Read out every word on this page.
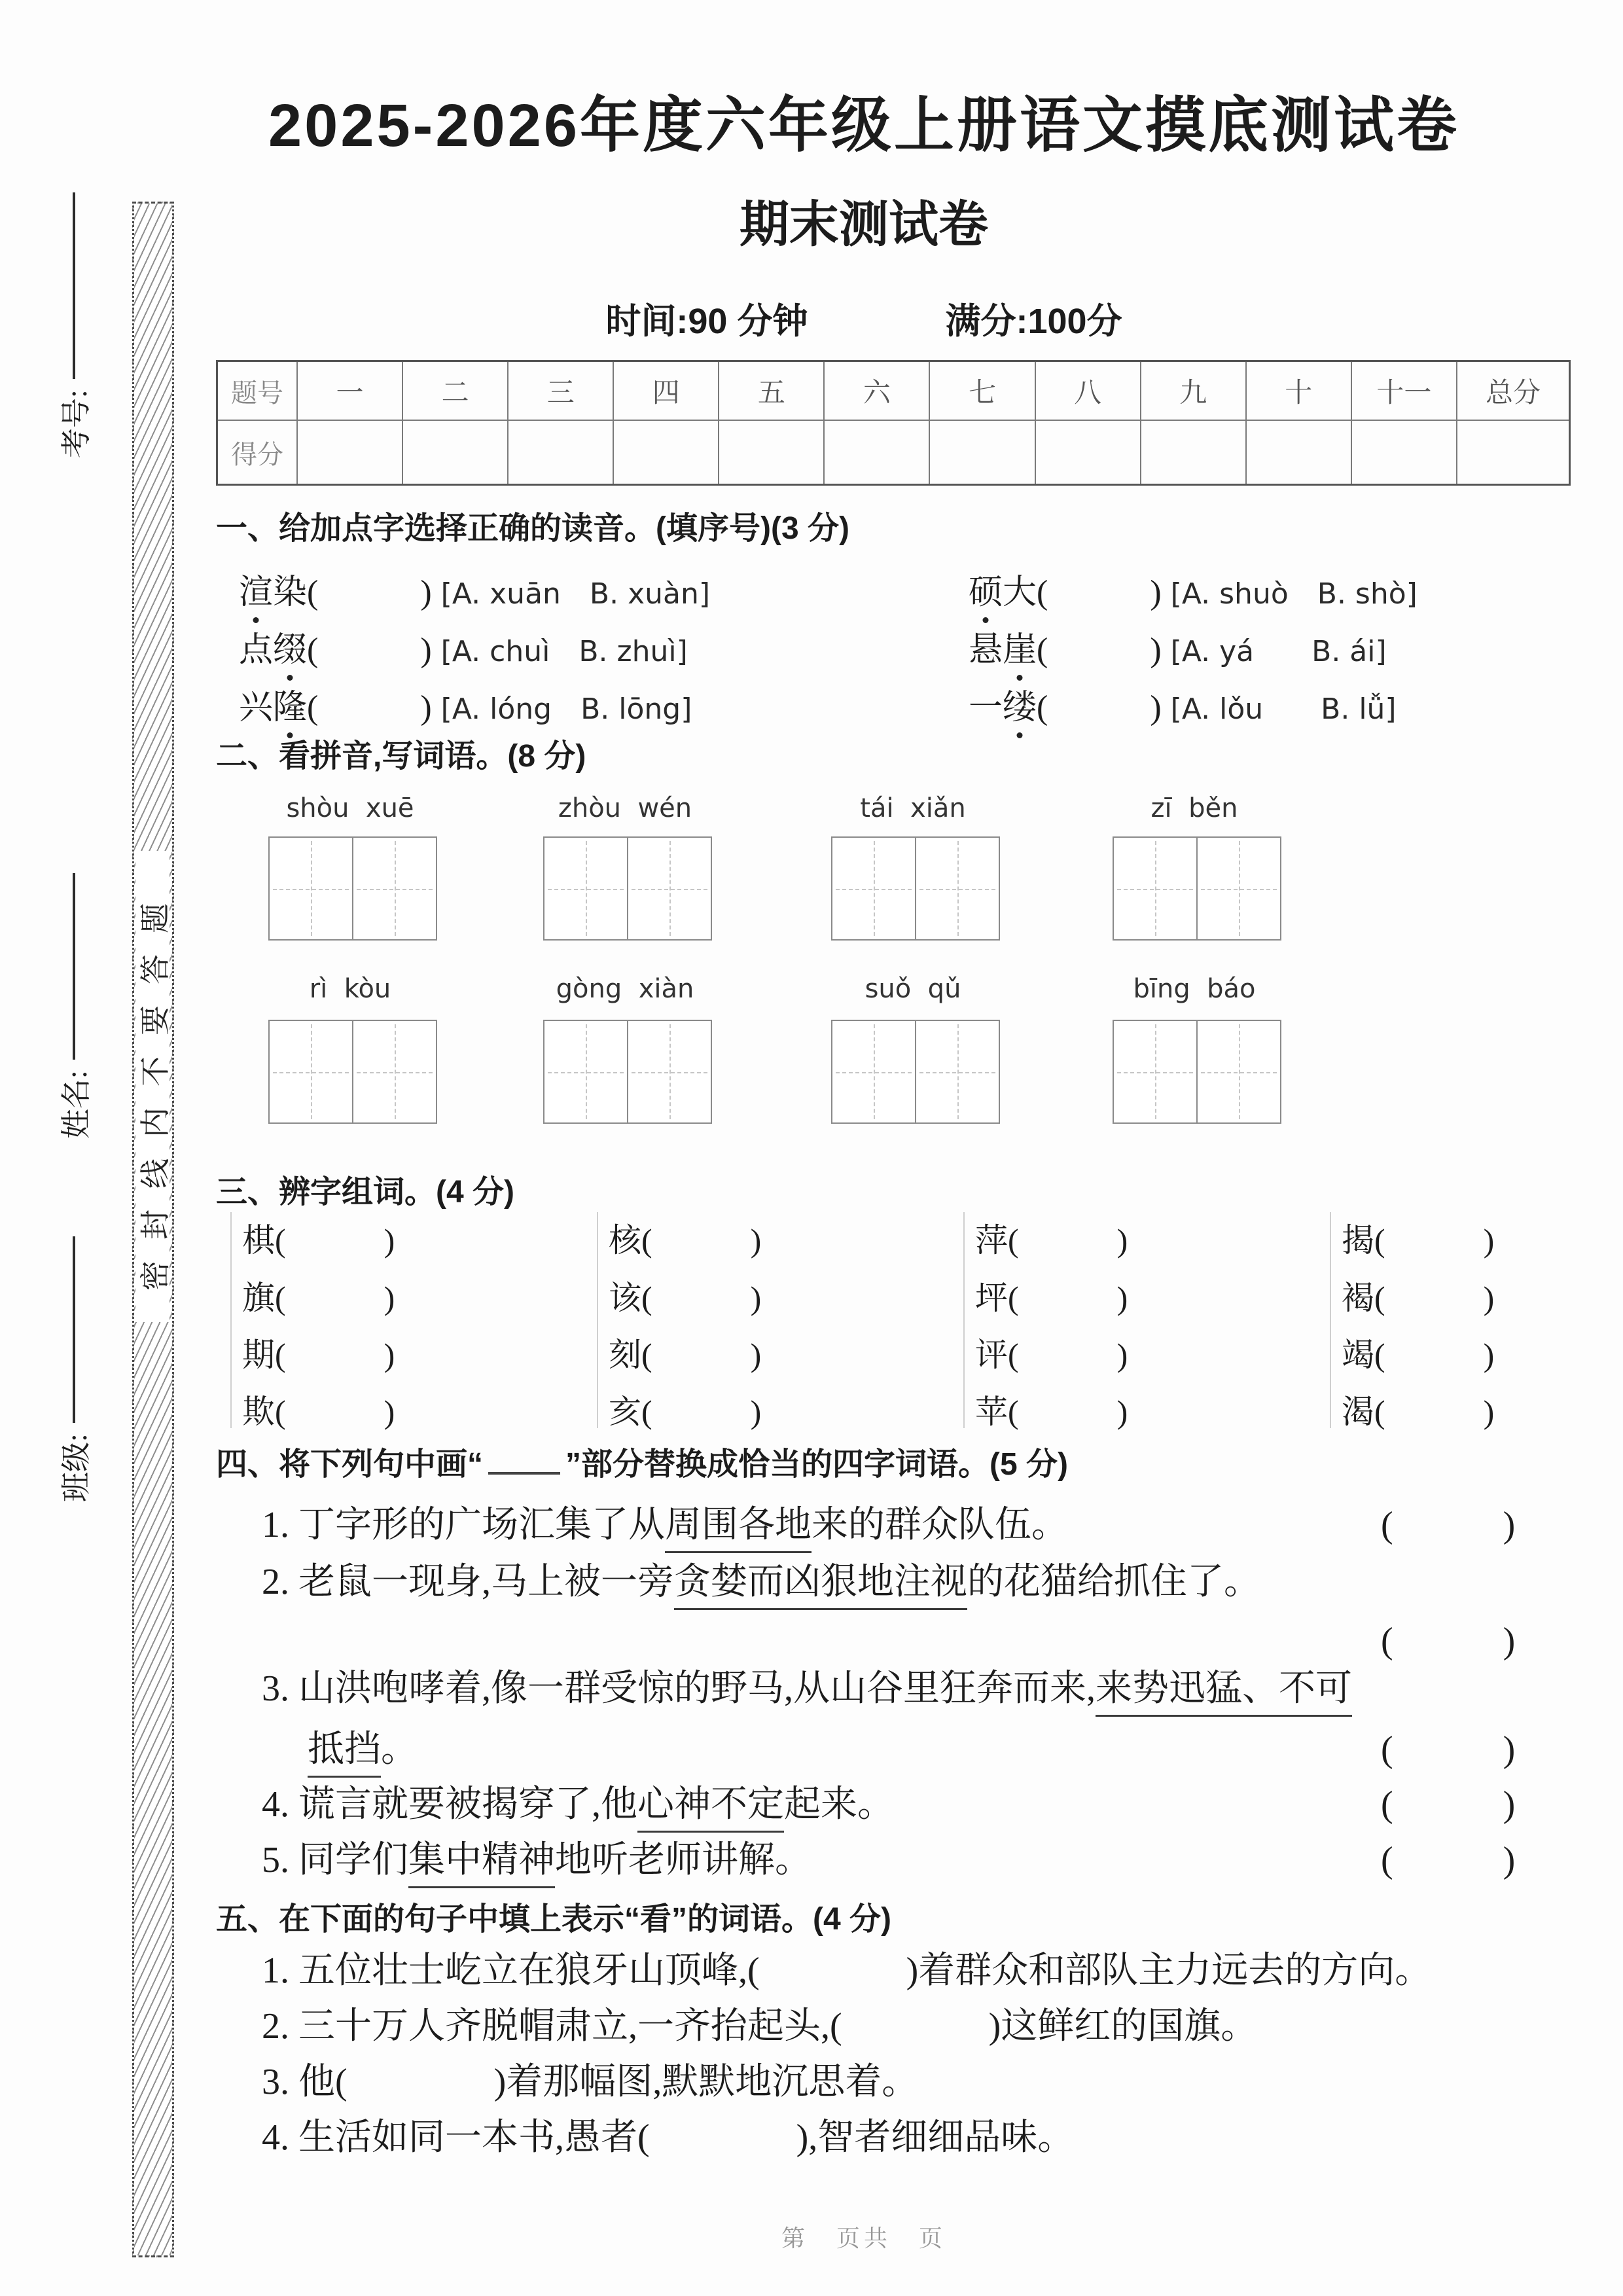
考号:
姓名:
班级:
密封线内不要答题
2025-2026年度六年级上册语文摸底测试卷
期末测试卷
时间:90 分钟	满分:100分
题号	一	二	三	四	五	六	七	八	九	十	十一	总分
得分												
一、给加点字选择正确的读音。(填序号)(3 分)
渲染(　　　) [A. xuān　B. xuàn]	硕大(　　　) [A. shuò　B. shò]
点缀(　　　) [A. chuì　B. zhuì]	悬崖(　　　) [A. yá　　B. ái]
兴隆(　　　) [A. lóng　B. lōng]	一缕(　　　) [A. lǒu　　B. lǚ]
二、看拼音,写词语。(8 分)
shòu  xuē	zhòu  wén	tái  xiǎn	zī  běn
rì  kòu	gòng  xiàn	suǒ  qǔ	bīng  báo
三、辨字组词。(4 分)
棋(　　　)	核(　　　)	萍(　　　)	揭(　　　)
旗(　　　)	该(　　　)	坪(　　　)	褐(　　　)
期(　　　)	刻(　　　)	评(　　　)	竭(　　　)
欺(　　　)	亥(　　　)	苹(　　　)	渴(　　　)
四、将下列句中画“	”部分替换成恰当的四字词语。(5 分)
1. 丁字形的广场汇集了从周围各地来的群众队伍。	(　　　)
2. 老鼠一现身,马上被一旁贪婪而凶狠地注视的花猫给抓住了。
(　　　)
3. 山洪咆哮着,像一群受惊的野马,从山谷里狂奔而来,来势迅猛、不可
抵挡。	(　　　)
4. 谎言就要被揭穿了,他心神不定起来。	(　　　)
5. 同学们集中精神地听老师讲解。	(　　　)
五、在下面的句子中填上表示“看”的词语。(4 分)
1. 五位壮士屹立在狼牙山顶峰,(　　　　)着群众和部队主力远去的方向。
2. 三十万人齐脱帽肃立,一齐抬起头,(　　　　)这鲜红的国旗。
3. 他(　　　　)着那幅图,默默地沉思着。
4. 生活如同一本书,愚者(　　　　),智者细细品味。
第　页共　页
